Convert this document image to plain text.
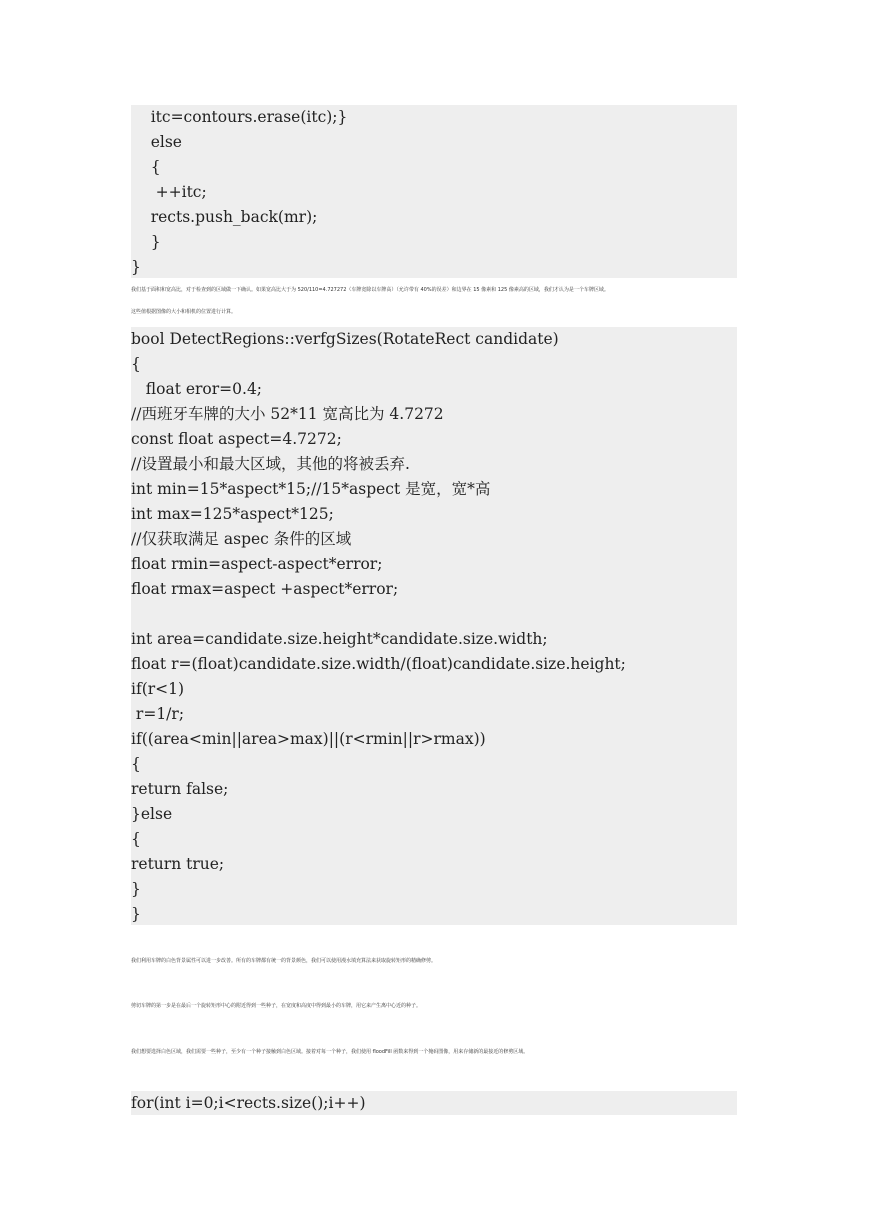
itc=contours.erase(itc);}
else
{
++itc;
rects.push_back(mr);
}
}
我们基于面积和宽高比，对于检查到的区域做一下确认。如果宽高比大于为 520/110=4.727272（车牌宽除以车牌高）（允许带有 40%的误差）和边界在 15 像素和 125 像素高的区域，我们才认为是一个车牌区域。
这些值根据图像的大小和相机的位置进行计算。
bool DetectRegions::verfgSizes(RotateRect candidate)
{
float eror=0.4;
//西班牙车牌的大小 52*11 宽高比为 4.7272
const float aspect=4.7272;
//设置最小和最大区域，其他的将被丢弃.
int min=15*aspect*15;//15*aspect 是宽，宽*高
int max=125*aspect*125;
//仅获取满足 aspec 条件的区域
float rmin=aspect-aspect*error;
float rmax=aspect +aspect*error;
int area=candidate.size.height*candidate.size.width;
float r=(float)candidate.size.width/(float)candidate.size.height;
if(r<1)
r=1/r;
if((area<min||area>max)||(r<rmin||r>rmax))
{
return false;
}else
{
return true;
}
}
我们利用车牌的白色背景属性可以进一步改善。所有的车牌都有统一的背景颜色，我们可以使用漫水填充算法来获取旋转矩形的精确修剪。
剪切车牌的第一步是在最后一个旋转矩形中心的附近得到一些种子，在宽度和高度中得到最小的车牌，用它来产生离中心近的种子。
我们想要选择白色区域，我们需要一些种子，至少有一个种子接触到白色区域。接着对每一个种子，我们使用 floodFill 函数来得到一个掩码图像，用来存储新的最接近的修剪区域。
for(int i=0;i<rects.size();i++)
